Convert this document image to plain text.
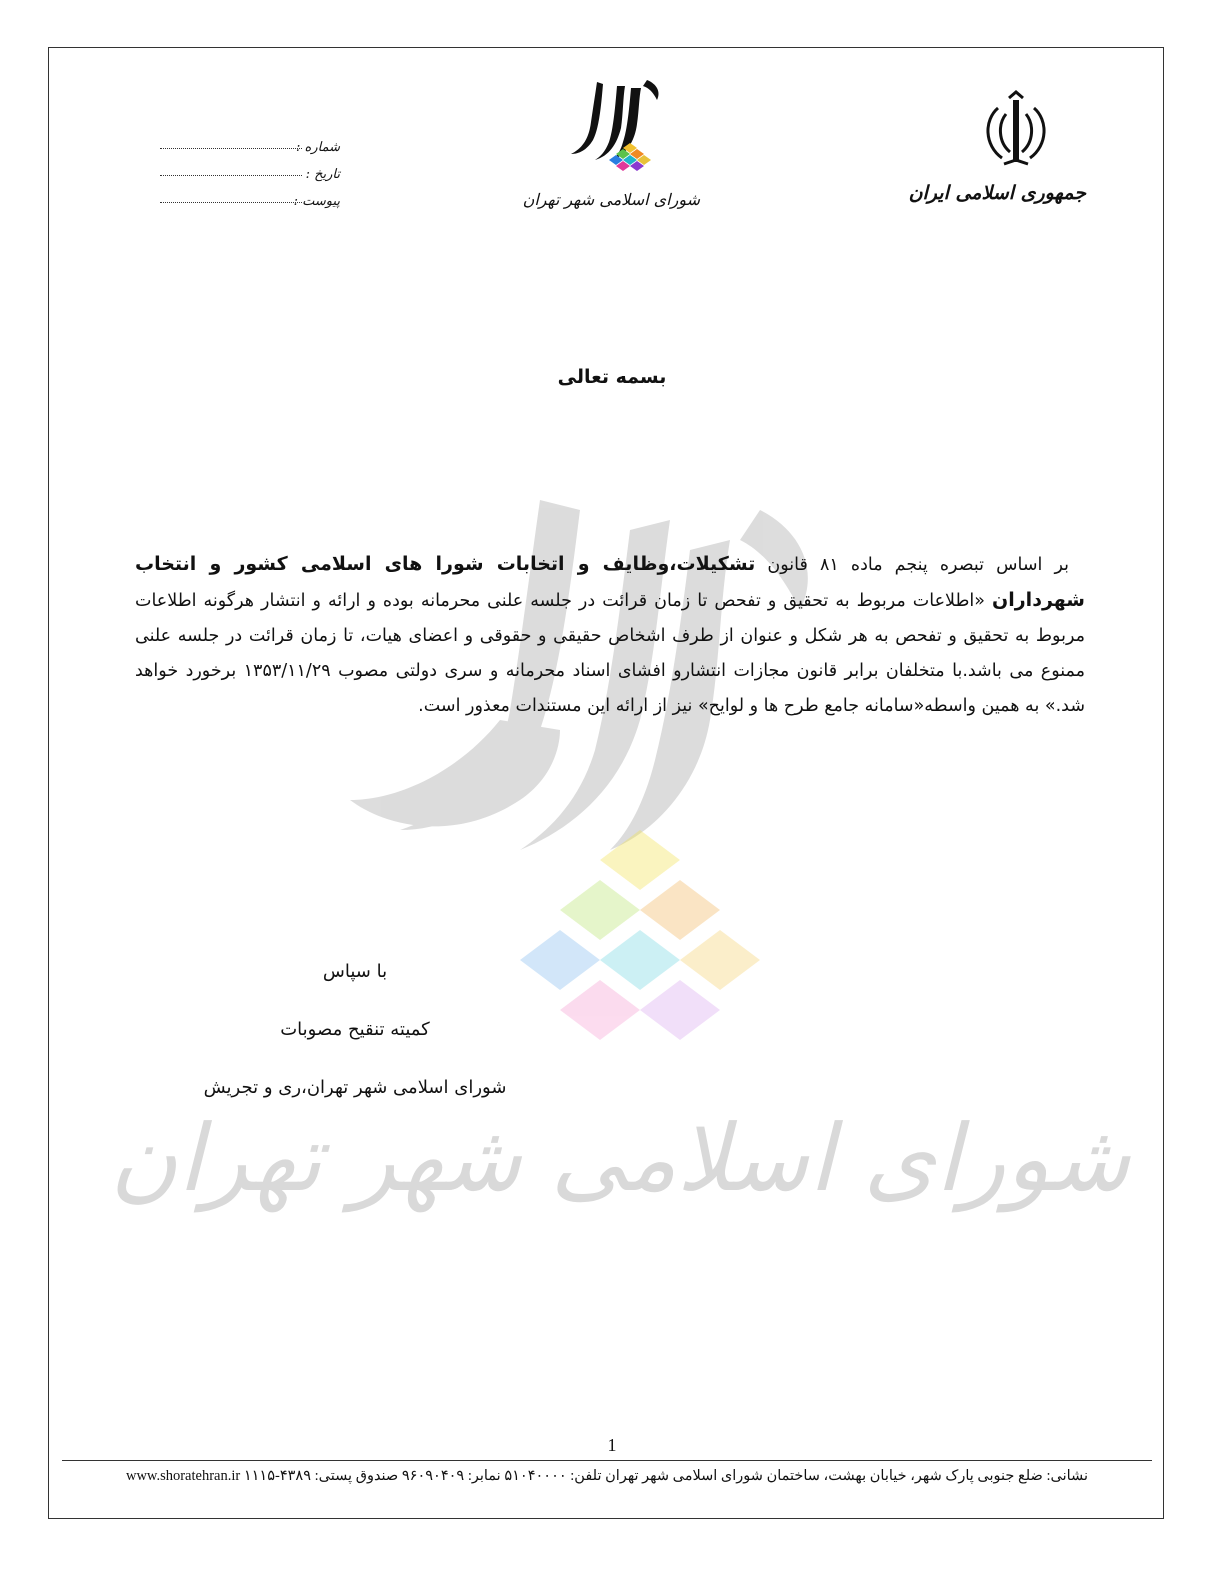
شورای اسلامی شهر تهران
جمهوری اسلامی ایران
شورای اسلامی شهر تهران
شماره :
تاریخ :
پیوست :
بسمه تعالی
بر اساس تبصره پنجم ماده ۸۱ قانون تشکیلات،وظایف و اتخابات شورا های اسلامی کشور و انتخاب شهرداران «اطلاعات مربوط به تحقیق و تفحص تا زمان قرائت در جلسه علنی محرمانه بوده و ارائه و انتشار هرگونه اطلاعات مربوط به تحقیق و تفحص به هر شکل و عنوان از طرف اشخاص حقیقی و حقوقی و اعضای هیات، تا زمان قرائت در جلسه علنی ممنوع می باشد.با متخلفان برابر قانون مجازات انتشارو افشای اسناد محرمانه و سری دولتی مصوب ۱۳۵۳/۱۱/۲۹ برخورد خواهد شد.» به همین واسطه«سامانه جامع طرح ها و لوایح» نیز از ارائه این مستندات معذور است.
با سپاس
کمیته تنقیح مصوبات
شورای اسلامی شهر تهران،ری و تجریش
1
نشانی: ضلع جنوبی پارک شهر، خیابان بهشت، ساختمان شورای اسلامی شهر تهران تلفن: ۵۱۰۴۰۰۰۰ نمابر: ۹۶۰۹۰۴۰۹ صندوق پستی: ۴۳۸۹-۱۱۱۵ www.shoratehran.ir
